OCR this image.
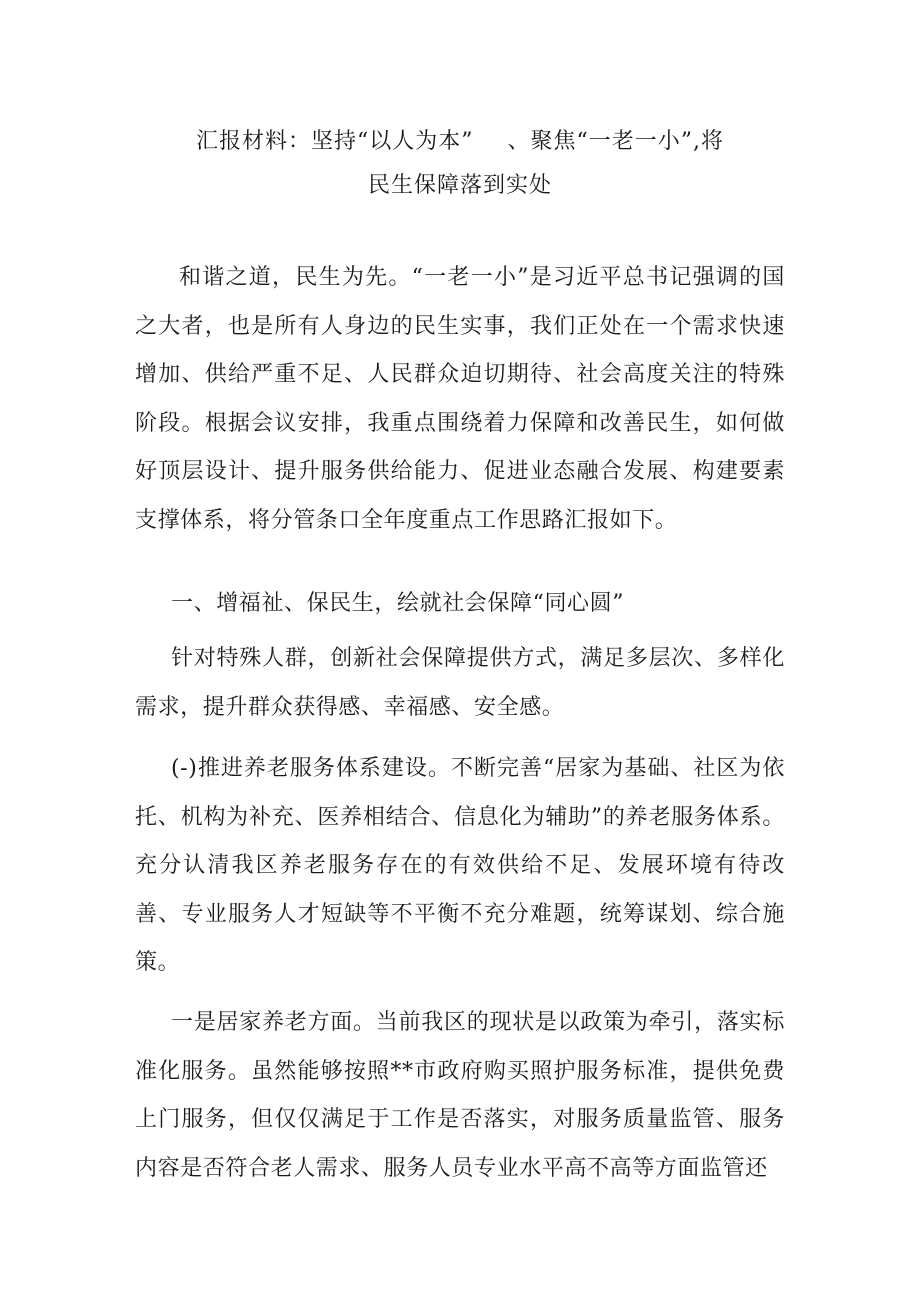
汇报材料：坚持“以人为本” 、聚焦“一老一小”,将
民生保障落到实处

和谐之道，民生为先。“一老一小”是习近平总书记强调的国之大者，也是所有人身边的民生实事，我们正处在一个需求快速增加、供给严重不足、人民群众迫切期待、社会高度关注的特殊阶段。根据会议安排，我重点围绕着力保障和改善民生，如何做好顶层设计、提升服务供给能力、促进业态融合发展、构建要素支撑体系，将分管条口全年度重点工作思路汇报如下。

一、增福祉、保民生，绘就社会保障“同心圆”

针对特殊人群，创新社会保障提供方式，满足多层次、多样化需求，提升群众获得感、幸福感、安全感。

(-)推进养老服务体系建设。不断完善“居家为基础、社区为依托、机构为补充、医养相结合、信息化为辅助”的养老服务体系。充分认清我区养老服务存在的有效供给不足、发展环境有待改善、专业服务人才短缺等不平衡不充分难题，统筹谋划、综合施策。

一是居家养老方面。当前我区的现状是以政策为牵引，落实标准化服务。虽然能够按照**市政府购买照护服务标准，提供免费上门服务，但仅仅满足于工作是否落实，对服务质量监管、服务内容是否符合老人需求、服务人员专业水平高不高等方面监管还
